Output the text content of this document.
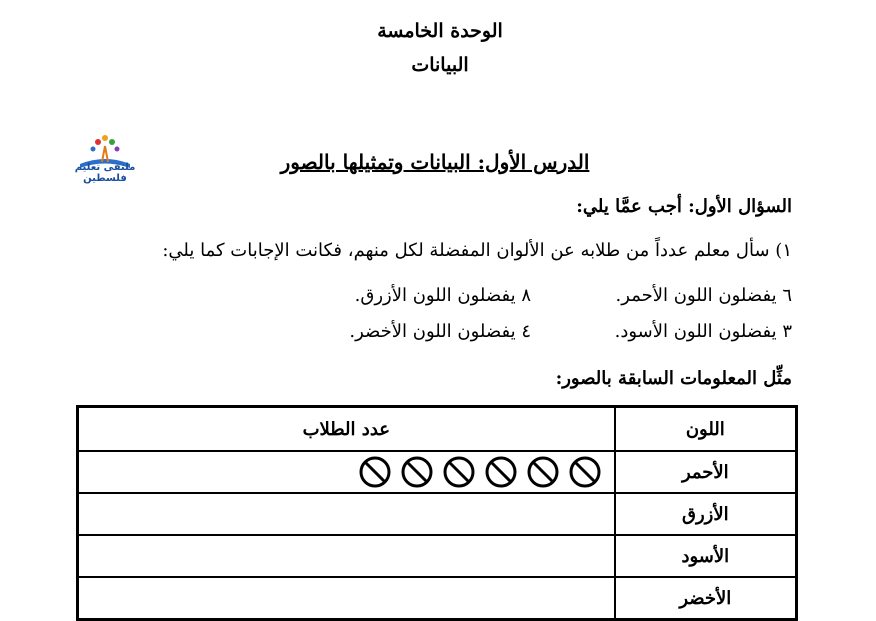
الوحدة الخامسة
البيانات
ملتقى تعليم فلسطين
الدرس الأول: البيانات وتمثيلها بالصور
السؤال الأول: أجب عمَّا يلي:
١) سأل معلم عدداً من طلابه عن الألوان المفضلة لكل منهم، فكانت الإجابات كما يلي:
٦ يفضلون اللون الأحمر.
٨ يفضلون اللون الأزرق.
٣ يفضلون اللون الأسود.
٤ يفضلون اللون الأخضر.
مثِّل المعلومات السابقة بالصور:
عدد الطلاب	اللون

	الأحمر

	الأزرق

	الأسود

	الأخضر
